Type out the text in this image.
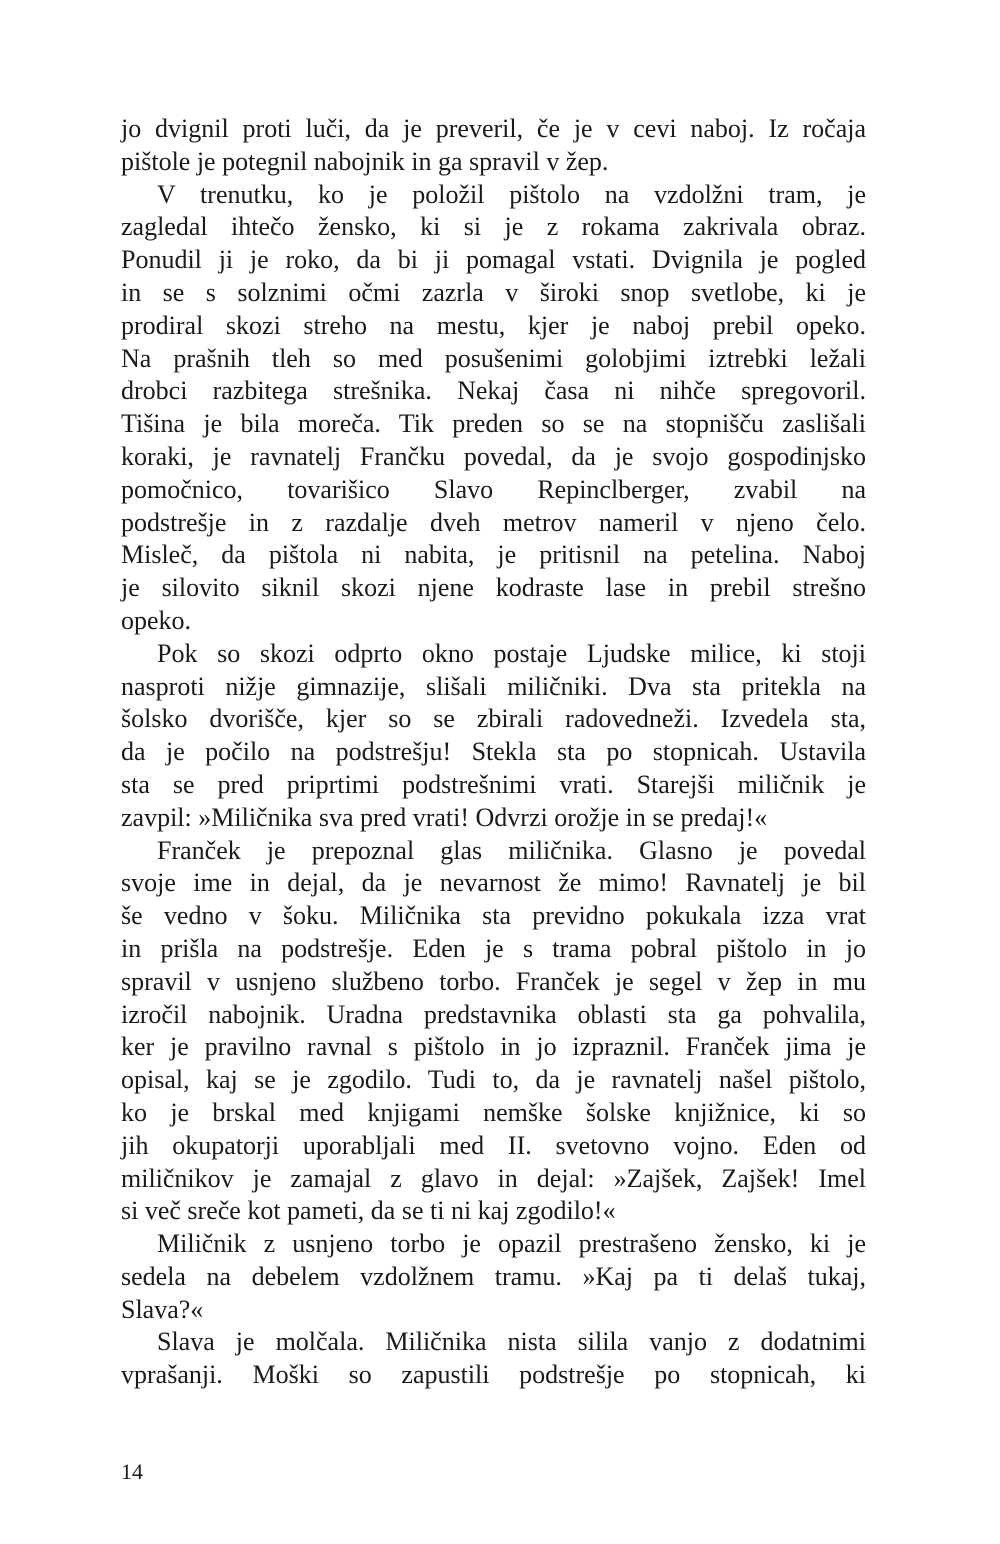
jo dvignil proti luči, da je preveril, če je v cevi naboj. Iz ročaja
pištole je potegnil nabojnik in ga spravil v žep.
V trenutku, ko je položil pištolo na vzdolžni tram, je
zagledal ihtečo žensko, ki si je z rokama zakrivala obraz.
Ponudil ji je roko, da bi ji pomagal vstati. Dvignila je pogled
in se s solznimi očmi zazrla v široki snop svetlobe, ki je
prodiral skozi streho na mestu, kjer je naboj prebil opeko.
Na prašnih tleh so med posušenimi golobjimi iztrebki ležali
drobci razbitega strešnika. Nekaj časa ni nihče spregovoril.
Tišina je bila moreča. Tik preden so se na stopnišču zaslišali
koraki, je ravnatelj Frančku povedal, da je svojo gospodinjsko
pomočnico, tovarišico Slavo Repinclberger, zvabil na
podstrešje in z razdalje dveh metrov nameril v njeno čelo.
Misleč, da pištola ni nabita, je pritisnil na petelina. Naboj
je silovito siknil skozi njene kodraste lase in prebil strešno
opeko.
Pok so skozi odprto okno postaje Ljudske milice, ki stoji
nasproti nižje gimnazije, slišali miličniki. Dva sta pritekla na
šolsko dvorišče, kjer so se zbirali radovedneži. Izvedela sta,
da je počilo na podstrešju! Stekla sta po stopnicah. Ustavila
sta se pred priprtimi podstrešnimi vrati. Starejši miličnik je
zavpil: »Miličnika sva pred vrati! Odvrzi orožje in se predaj!«
Franček je prepoznal glas miličnika. Glasno je povedal
svoje ime in dejal, da je nevarnost že mimo! Ravnatelj je bil
še vedno v šoku. Miličnika sta previdno pokukala izza vrat
in prišla na podstrešje. Eden je s trama pobral pištolo in jo
spravil v usnjeno službeno torbo. Franček je segel v žep in mu
izročil nabojnik. Uradna predstavnika oblasti sta ga pohvalila,
ker je pravilno ravnal s pištolo in jo izpraznil. Franček jima je
opisal, kaj se je zgodilo. Tudi to, da je ravnatelj našel pištolo,
ko je brskal med knjigami nemške šolske knjižnice, ki so
jih okupatorji uporabljali med II. svetovno vojno. Eden od
miličnikov je zamajal z glavo in dejal: »Zajšek, Zajšek! Imel
si več sreče kot pameti, da se ti ni kaj zgodilo!«
Miličnik z usnjeno torbo je opazil prestrašeno žensko, ki je
sedela na debelem vzdolžnem tramu. »Kaj pa ti delaš tukaj,
Slava?«
Slava je molčala. Miličnika nista silila vanjo z dodatnimi
vprašanji. Moški so zapustili podstrešje po stopnicah, ki
14
